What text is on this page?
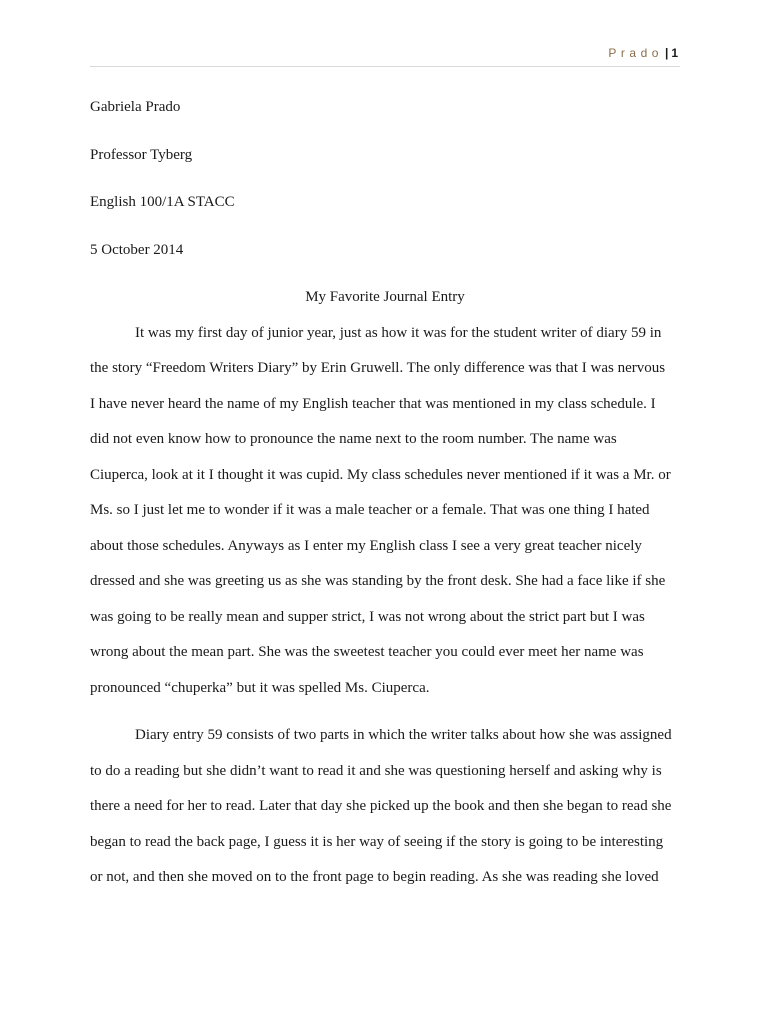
Prado | 1
Gabriela Prado
Professor Tyberg
English 100/1A STACC
5 October 2014
My Favorite Journal Entry
It was my first day of junior year, just as how it was for the student writer of diary 59 in
the story “Freedom Writers Diary” by Erin Gruwell. The only difference was that I was nervous
I have never heard the name of my English teacher that was mentioned in my class schedule. I
did not even know how to pronounce the name next to the room number. The name was
Ciuperca, look at it I thought it was cupid. My class schedules never mentioned if it was a Mr. or
Ms. so I just let me to wonder if it was a male teacher or a female. That was one thing I hated
about those schedules. Anyways as I enter my English class I see a very great teacher nicely
dressed and she was greeting us as she was standing by the front desk. She had a face like if she
was going to be really mean and supper strict, I was not wrong about the strict part but I was
wrong about the mean part. She was the sweetest teacher you could ever meet her name was
pronounced “chuperka” but it was spelled Ms. Ciuperca.
Diary entry 59 consists of two parts in which the writer talks about how she was assigned
to do a reading but she didn’t want to read it and she was questioning herself and asking why is
there a need for her to read. Later that day she picked up the book and then she began to read she
began to read the back page, I guess it is her way of seeing if the story is going to be interesting
or not, and then she moved on to the front page to begin reading. As she was reading she loved
